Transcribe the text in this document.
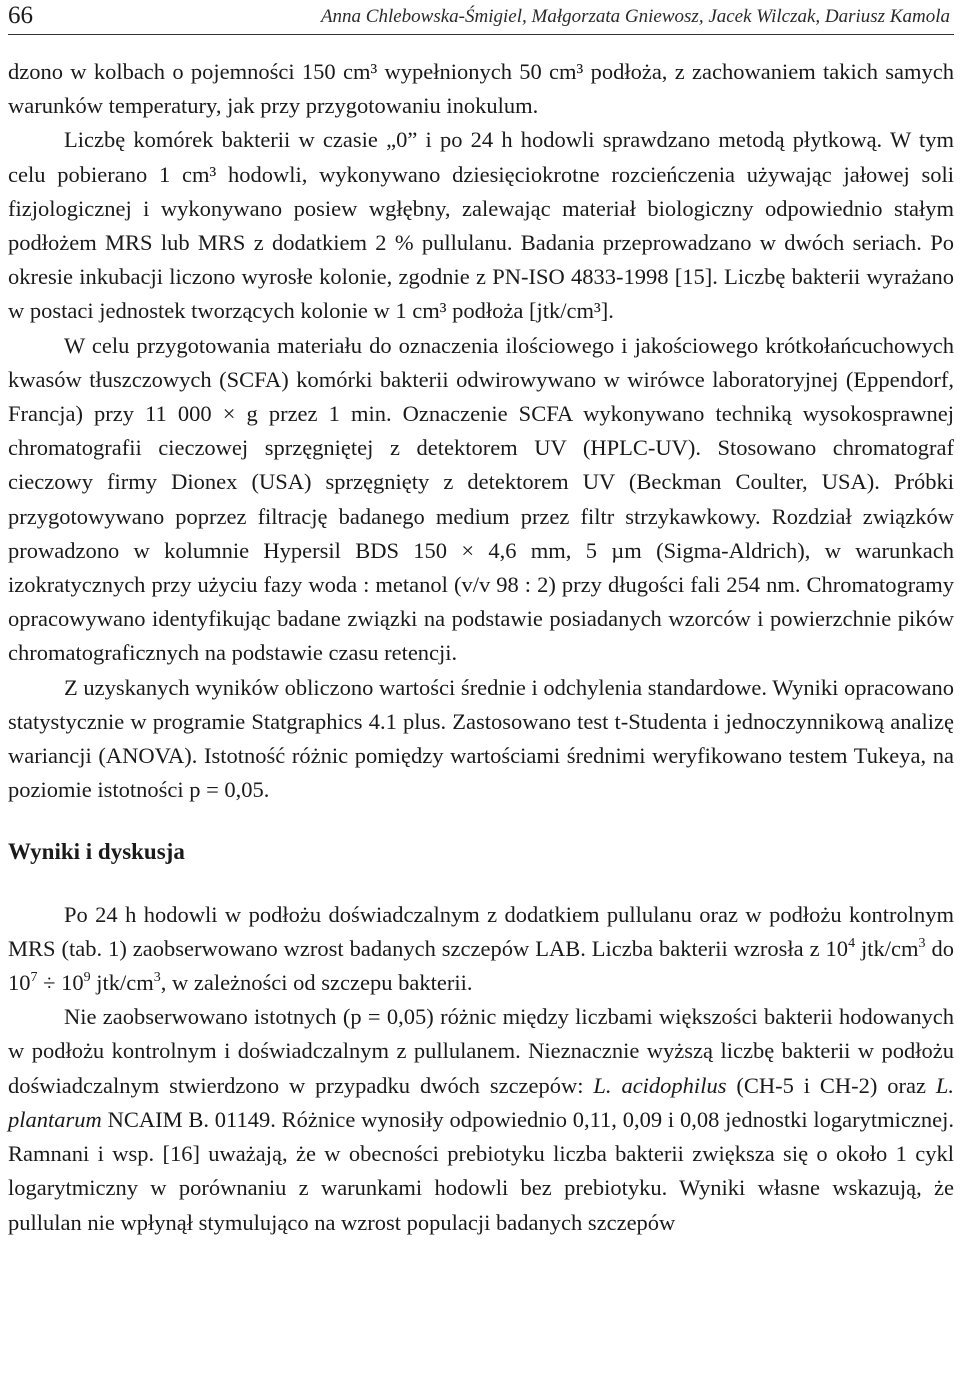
66	Anna Chlebowska-Śmigiel, Małgorzata Gniewosz, Jacek Wilczak, Dariusz Kamola

dzono w kolbach o pojemności 150 cm³ wypełnionych 50 cm³ podłoża, z zachowaniem takich samych warunków temperatury, jak przy przygotowaniu inokulum.

Liczbę komórek bakterii w czasie „0” i po 24 h hodowli sprawdzano metodą płytkową. W tym celu pobierano 1 cm³ hodowli, wykonywano dziesięciokrotne rozcieńczenia używając jałowej soli fizjologicznej i wykonywano posiew wgłębny, zalewając materiał biologiczny odpowiednio stałym podłożem MRS lub MRS z dodatkiem 2 % pullulanu. Badania przeprowadzano w dwóch seriach. Po okresie inkubacji liczono wyrosłe kolonie, zgodnie z PN-ISO 4833-1998 [15]. Liczbę bakterii wyrażano w postaci jednostek tworzących kolonie w 1 cm³ podłoża [jtk/cm³].

W celu przygotowania materiału do oznaczenia ilościowego i jakościowego krótkołańcuchowych kwasów tłuszczowych (SCFA) komórki bakterii odwirowywano w wirówce laboratoryjnej (Eppendorf, Francja) przy 11 000 × g przez 1 min. Oznaczenie SCFA wykonywano techniką wysokosprawnej chromatografii cieczowej sprzęgniętej z detektorem UV (HPLC-UV). Stosowano chromatograf cieczowy firmy Dionex (USA) sprzęgnięty z detektorem UV (Beckman Coulter, USA). Próbki przygotowywano poprzez filtrację badanego medium przez filtr strzykawkowy. Rozdział związków prowadzono w kolumnie Hypersil BDS 150 × 4,6 mm, 5 µm (Sigma-Aldrich), w warunkach izokratycznych przy użyciu fazy woda : metanol (v/v 98 : 2) przy długości fali 254 nm. Chromatogramy opracowywano identyfikując badane związki na podstawie posiadanych wzorców i powierzchnie pików chromatograficznych na podstawie czasu retencji.

Z uzyskanych wyników obliczono wartości średnie i odchylenia standardowe. Wyniki opracowano statystycznie w programie Statgraphics 4.1 plus. Zastosowano test t-Studenta i jednoczynnikową analizę wariancji (ANOVA). Istotność różnic pomiędzy wartościami średnimi weryfikowano testem Tukeya, na poziomie istotności p = 0,05.

Wyniki i dyskusja

Po 24 h hodowli w podłożu doświadczalnym z dodatkiem pullulanu oraz w podłożu kontrolnym MRS (tab. 1) zaobserwowano wzrost badanych szczepów LAB. Liczba bakterii wzrosła z $10^4$ jtk/$cm^3$ do $10^7 \div 10^9$ jtk/$cm^3$, w zależności od szczepu bakterii.

Nie zaobserwowano istotnych (p = 0,05) różnic między liczbami większości bakterii hodowanych w podłożu kontrolnym i doświadczalnym z pullulanem. Nieznacznie wyższą liczbę bakterii w podłożu doświadczalnym stwierdzono w przypadku dwóch szczepów: L. acidophilus (CH-5 i CH-2) oraz L. plantarum NCAIM B. 01149. Różnice wynosiły odpowiednio 0,11, 0,09 i 0,08 jednostki logarytmicznej. Ramnani i wsp. [16] uważają, że w obecności prebiotyku liczba bakterii zwiększa się o około 1 cykl logarytmiczny w porównaniu z warunkami hodowli bez prebiotyku. Wyniki własne wskazują, że pullulan nie wpłynął stymulująco na wzrost populacji badanych szczepów
